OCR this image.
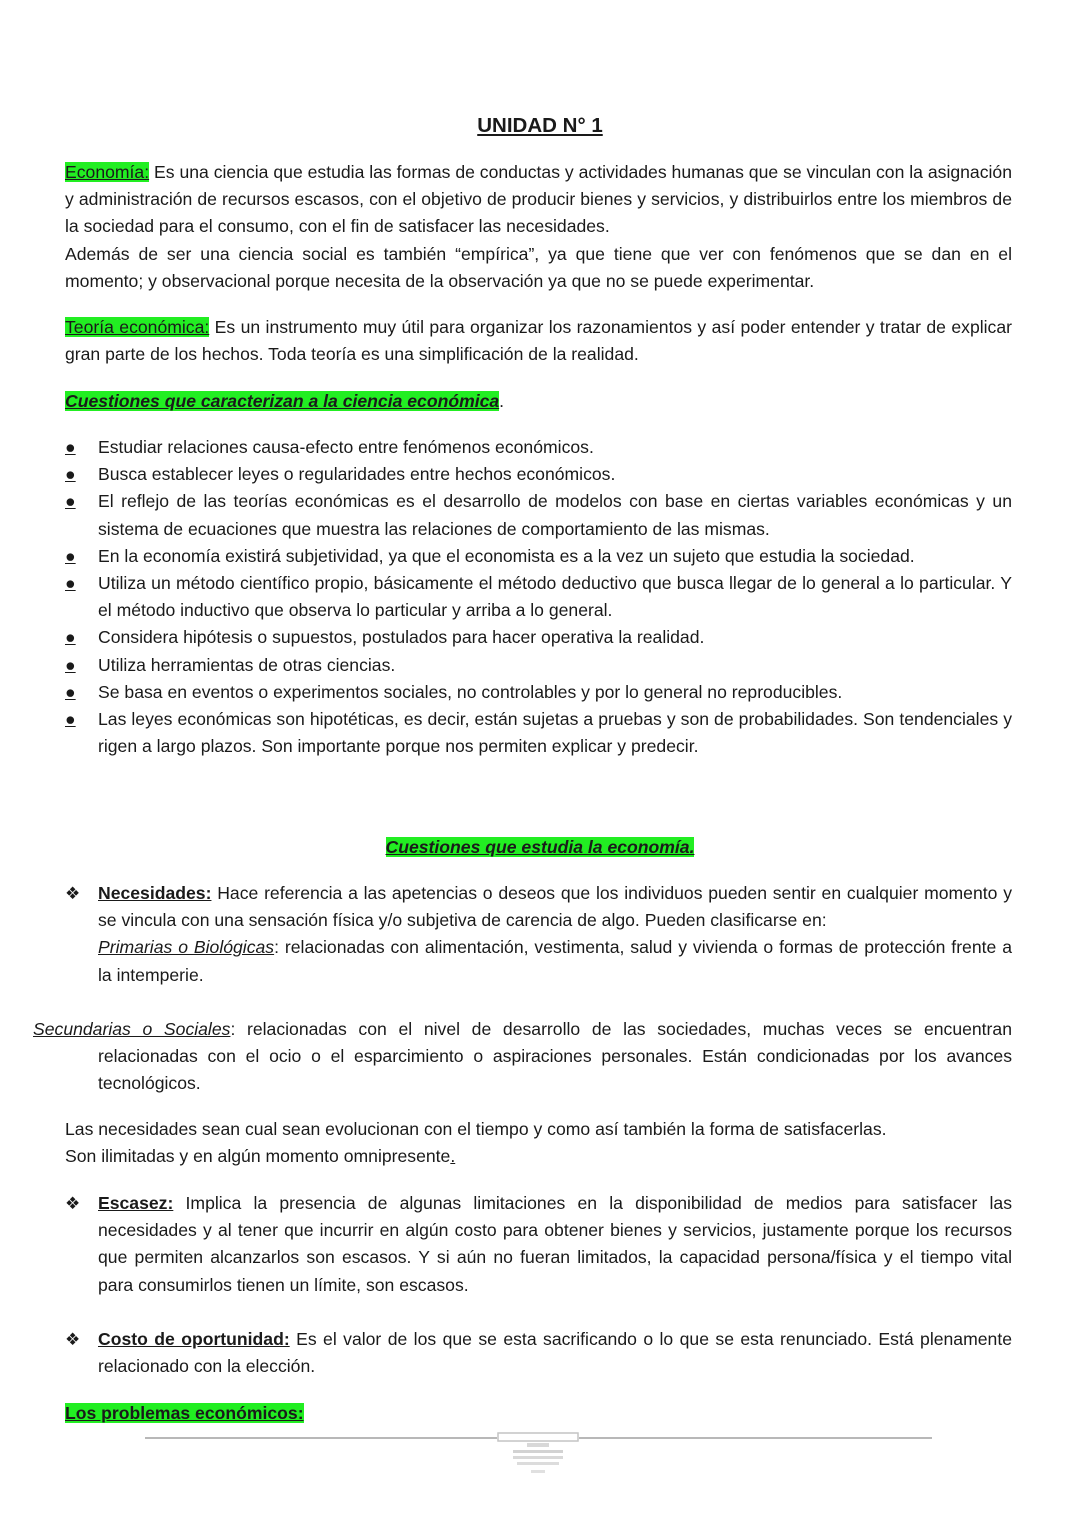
UNIDAD N° 1
Economía: Es una ciencia que estudia las formas de conductas y actividades humanas que se vinculan con la asignación y administración de recursos escasos, con el objetivo de producir bienes y servicios, y distribuirlos entre los miembros de la sociedad para el consumo, con el fin de satisfacer las necesidades.
Además de ser una ciencia social es también “empírica”, ya que tiene que ver con fenómenos que se dan en el momento; y observacional porque necesita de la observación ya que no se puede experimentar.
Teoría económica: Es un instrumento muy útil para organizar los razonamientos y así poder entender y tratar de explicar gran parte de los hechos. Toda teoría es una simplificación de la realidad.
Cuestiones que caracterizan a la ciencia económica.
●	Estudiar relaciones causa-efecto entre fenómenos económicos.
●	Busca establecer leyes o regularidades entre hechos económicos.
●	El reflejo de las teorías económicas es el desarrollo de modelos con base en ciertas variables económicas y un sistema de ecuaciones que muestra las relaciones de comportamiento de las mismas.
●	En la economía existirá subjetividad, ya que el economista es a la vez un sujeto que estudia la sociedad.
●	Utiliza un método científico propio, básicamente el método deductivo que busca llegar de lo general a lo particular. Y el método inductivo que observa lo particular y arriba a lo general.
●	Considera hipótesis o supuestos, postulados para hacer operativa la realidad.
●	Utiliza herramientas de otras ciencias.
●	Se basa en eventos o experimentos sociales, no controlables y por lo general no reproducibles.
●	Las leyes económicas son hipotéticas, es decir, están sujetas a pruebas y son de probabilidades. Son tendenciales y rigen a largo plazos. Son importante porque nos permiten explicar y predecir.
Cuestiones que estudia la economía.
❖	Necesidades: Hace referencia a las apetencias o deseos que los individuos pueden sentir en cualquier momento y se vincula con una sensación física y/o subjetiva de carencia de algo. Pueden clasificarse en:
Primarias o Biológicas: relacionadas con alimentación, vestimenta, salud y vivienda o formas de protección frente a la intemperie.
Secundarias o Sociales: relacionadas con el nivel de desarrollo de las sociedades, muchas veces se encuentran relacionadas con el ocio o el esparcimiento o aspiraciones personales. Están condicionadas por los avances tecnológicos.
Las necesidades sean cual sean evolucionan con el tiempo y como así también la forma de satisfacerlas.
Son ilimitadas y en algún momento omnipresente.
❖	Escasez: Implica la presencia de algunas limitaciones en la disponibilidad de medios para satisfacer las necesidades y al tener que incurrir en algún costo para obtener bienes y servicios, justamente porque los recursos que permiten alcanzarlos son escasos. Y si aún no fueran limitados, la capacidad persona/física y el tiempo vital para consumirlos tienen un límite, son escasos.
❖	Costo de oportunidad: Es el valor de los que se esta sacrificando o lo que se esta renunciado. Está plenamente relacionado con la elección.
Los problemas económicos:
